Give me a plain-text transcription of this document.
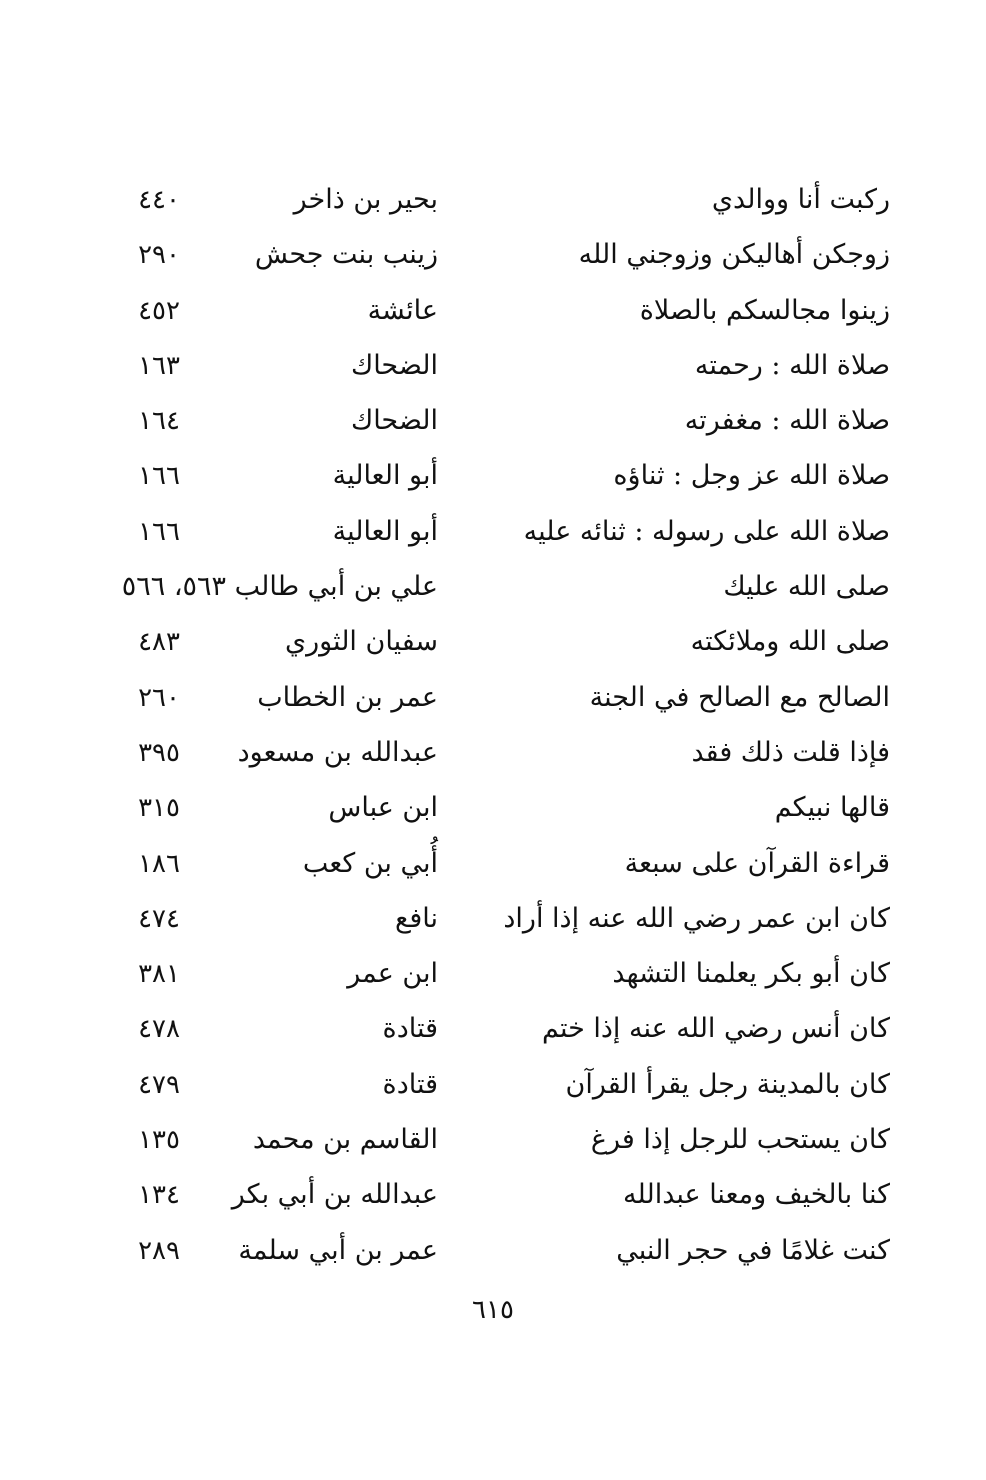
ركبت أنا ووالدي
بحير بن ذاخر
٤٤٠
زوجكن أهاليكن وزوجني الله
زينب بنت جحش
٢٩٠
زينوا مجالسكم بالصلاة
عائشة
٤٥٢
صلاة الله : رحمته
الضحاك
١٦٣
صلاة الله : مغفرته
الضحاك
١٦٤
صلاة الله عز وجل : ثناؤه
أبو العالية
١٦٦
صلاة الله على رسوله : ثنائه عليه
أبو العالية
١٦٦
صلى الله عليك
علي بن أبي طالب ٥٦٣، ٥٦٦
صلى الله وملائكته
سفيان الثوري
٤٨٣
الصالح مع الصالح في الجنة
عمر بن الخطاب
٢٦٠
فإذا قلت ذلك فقد
عبدالله بن مسعود
٣٩٥
قالها نبيكم
ابن عباس
٣١٥
قراءة القرآن على سبعة
أُبي بن كعب
١٨٦
كان ابن عمر رضي الله عنه إذا أراد
نافع
٤٧٤
كان أبو بكر يعلمنا التشهد
ابن عمر
٣٨١
كان أنس رضي الله عنه إذا ختم
قتادة
٤٧٨
كان بالمدينة رجل يقرأ القرآن
قتادة
٤٧٩
كان يستحب للرجل إذا فرغ
القاسم بن محمد
١٣٥
كنا بالخيف ومعنا عبدالله
عبدالله بن أبي بكر
١٣٤
كنت غلامًا في حجر النبي
عمر بن أبي سلمة
٢٨٩
٦١٥
